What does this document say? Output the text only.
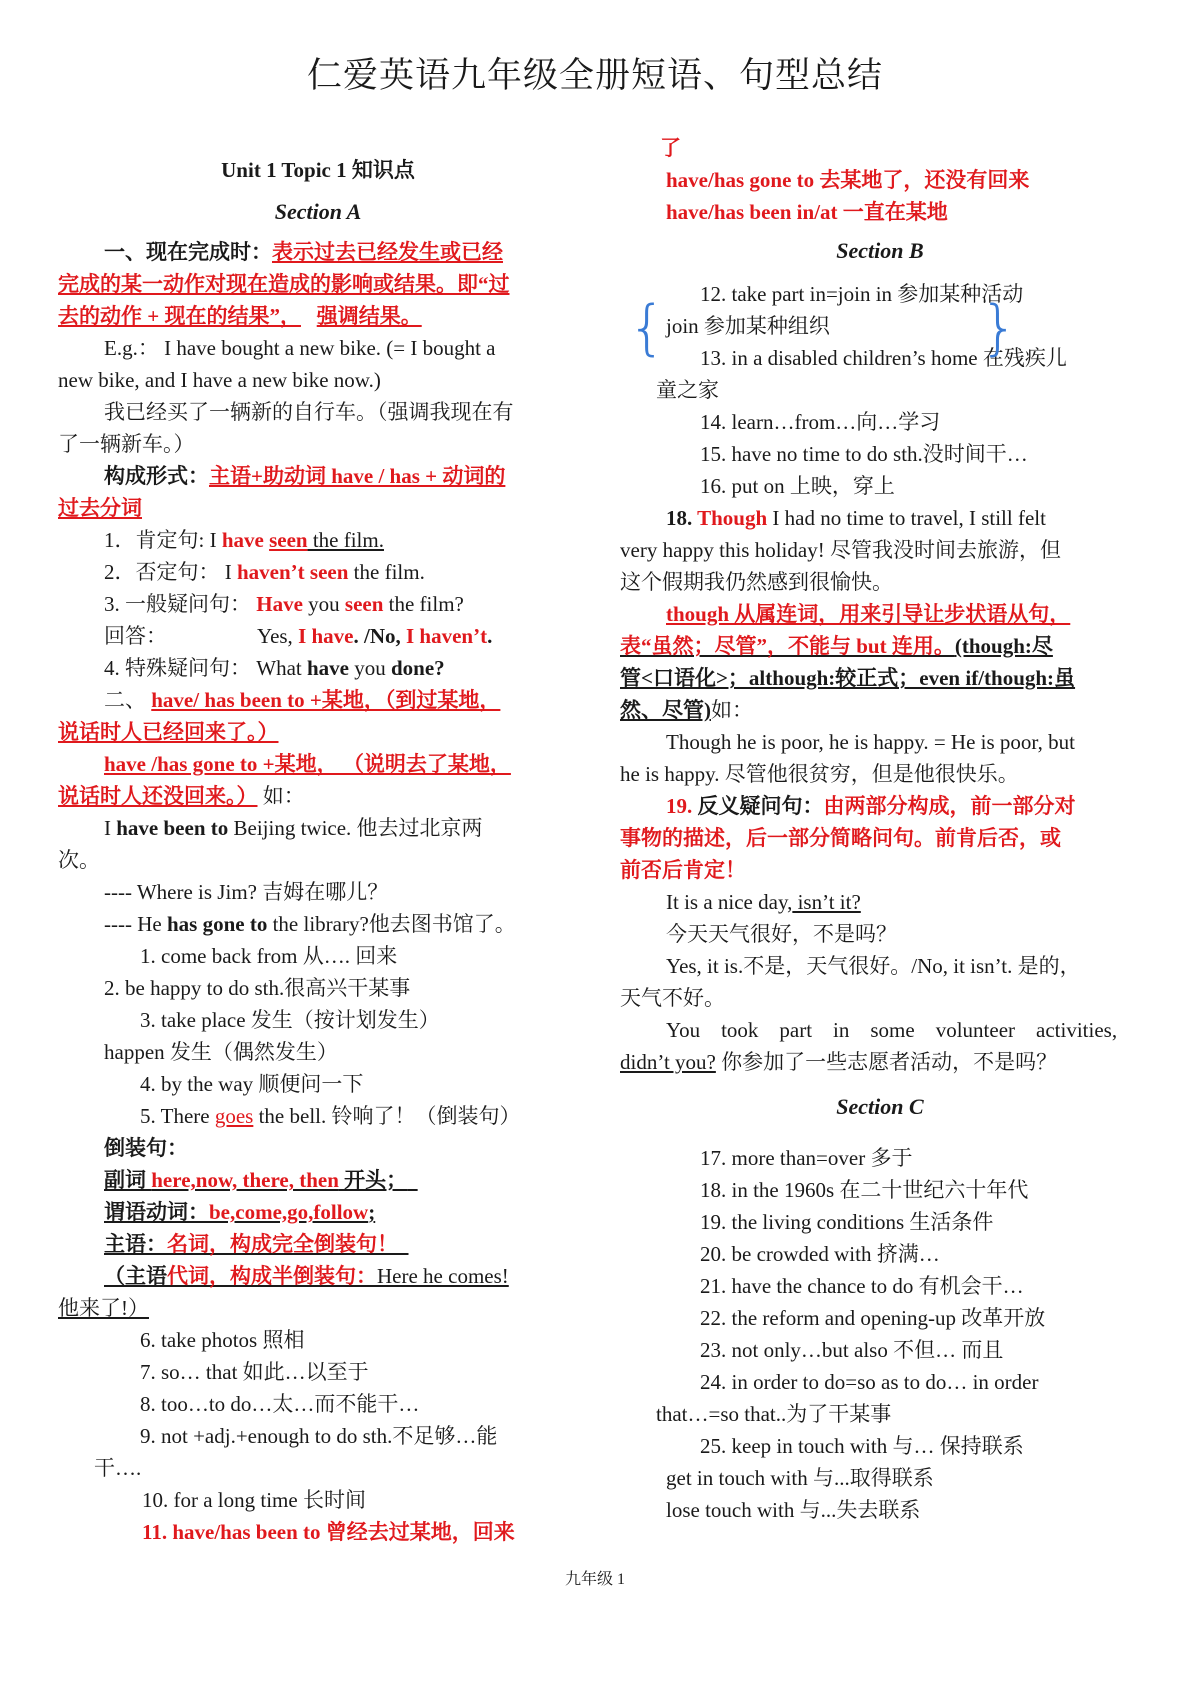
仁爱英语九年级全册短语、句型总结
Unit 1 Topic 1 知识点
Section A
一、现在完成时：表示过去已经发生或已经
完成的某一动作对现在造成的影响或结果。即“过
去的动作 + 现在的结果”， 强调结果。
E.g.： I have bought a new bike. (= I bought a
new bike, and I have a new bike now.)
我已经买了一辆新的自行车。（强调我现在有
了一辆新车。）
构成形式：主语+助动词 have / has + 动词的
过去分词
1．肯定句: I have seen the film.
2．否定句： I haven’t seen the film.
3. 一般疑问句： Have you seen the film?
回答：	Yes, I have. /No, I haven’t.
4. 特殊疑问句： What have you done?
二、 have/ has been to +某地，（到过某地，
说话时人已经回来了。）
have /has gone to +某地， （说明去了某地，
说话时人还没回来。） 如：
I have been to Beijing twice. 他去过北京两
次。
---- Where is Jim? 吉姆在哪儿？
---- He has gone to the library?他去图书馆了。
1. come back from 从…. 回来
2. be happy to do sth.很高兴干某事
3. take place 发生（按计划发生）
happen 发生（偶然发生）
4. by the way 顺便问一下
5. There goes the bell. 铃响了！（倒装句）
倒装句：
副词 here,now, there, then 开头；
谓语动词：be,come,go,follow;
主语：名词，构成完全倒装句！
（主语代词，构成半倒装句：Here he comes!
他来了!）
6. take photos 照相
7. so… that 如此…以至于
8. too…to do…太…而不能干…
9. not +adj.+enough to do sth.不足够…能
干….
10. for a long time 长时间
11. have/has been to 曾经去过某地，回来
了
have/has gone to 去某地了，还没有回来
have/has been in/at 一直在某地
Section B
12. take part in=join in 参加某种活动
join 参加某种组织
13. in a disabled children’s home 在残疾儿
童之家
14. learn…from…向…学习
15. have no time to do sth.没时间干…
16. put on 上映，穿上
18. Though I had no time to travel, I still felt
very happy this holiday! 尽管我没时间去旅游，但
这个假期我仍然感到很愉快。
though 从属连词，用来引导让步状语从句，
表“虽然；尽管”，不能与 but 连用。(though:尽
管<口语化>；although:较正式；even if/though:虽
然、尽管)如：
Though he is poor, he is happy. = He is poor, but
he is happy. 尽管他很贫穷，但是他很快乐。
19. 反义疑问句：由两部分构成，前一部分对
事物的描述，后一部分简略问句。前肯后否，或
前否后肯定！
It is a nice day, isn’t it?
今天天气很好，不是吗？
Yes, it is.不是，天气很好。/No, it isn’t. 是的，
天气不好。
You    took    part    in    some    volunteer    activities,
didn’t you? 你参加了一些志愿者活动，不是吗？
Section C
17. more than=over 多于
18. in the 1960s 在二十世纪六十年代
19. the living conditions 生活条件
20. be crowded with 挤满…
21. have the chance to do 有机会干…
22. the reform and opening-up 改革开放
23. not only…but also 不但… 而且
24. in order to do=so as to do… in order
that…=so that..为了干某事
25. keep in touch with 与… 保持联系
get in touch with 与...取得联系
lose touch with 与...失去联系
{	}
九年级 1
